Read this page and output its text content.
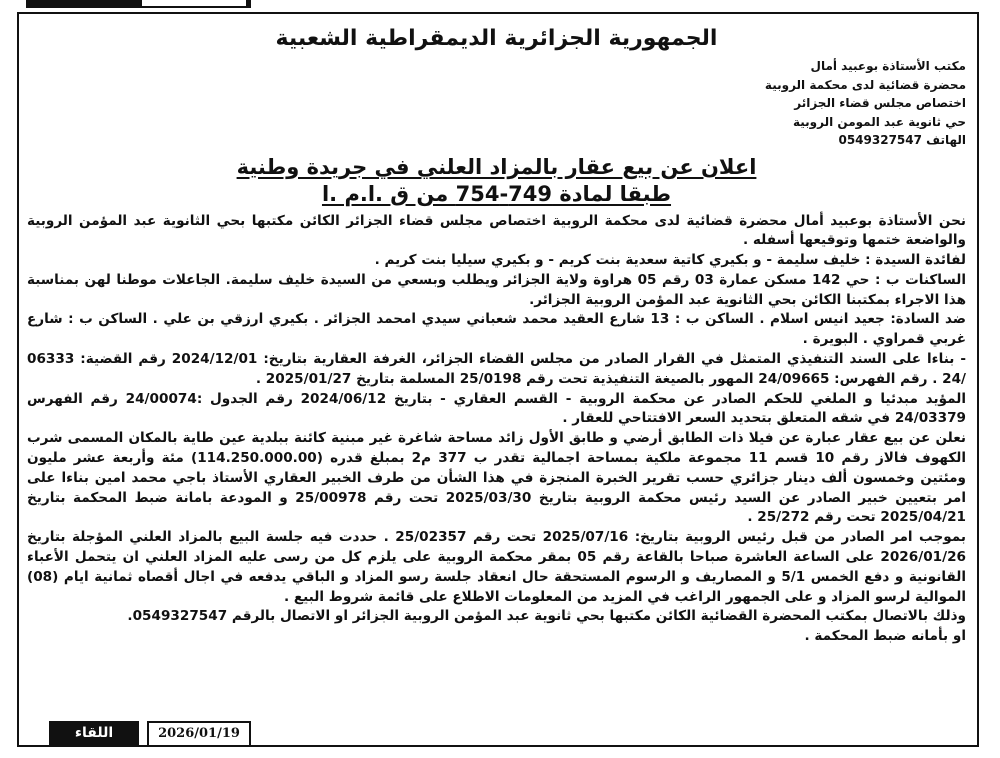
الجمهورية الجزائرية الديمقراطية الشعبية
مكتب الأستاذة بوعبيد أمال
محضرة قضائية لدى محكمة الروبية
اختصاص مجلس قضاء الجزائر
حي ثانوية عبد المومن الروبية
الهاتف 0549327547
اعلان عن بيع عقار بالمزاد العلني في جريدة وطنية
طبقا لمادة 749-754 من ق .ا.م .ا

نحن الأستاذة بوعبيد أمال محضرة قضائية لدى محكمة الروبية اختصاص مجلس قضاء الجزائر الكائن مكتبها بحي الثانوية عبد المؤمن الروبية والواضعة ختمها وتوقيعها أسفله .

لفائدة السيدة : خليف سليمة - و بكيري كاتية سعدية بنت كريم - و بكيري سيليا بنت كريم .

الساكنات ب : حي 142 مسكن عمارة 03 رقم 05 هراوة ولاية الجزائر ويطلب وبسعي من السيدة خليف سليمة. الجاعلات موطنا لهن بمناسبة هذا الاجراء بمكتبنا الكائن بحي الثانوية عبد المؤمن الروبية الجزائر.

ضد السادة: جعيد انيس اسلام . الساكن ب : 13 شارع العقيد محمد شعباني سيدي امحمد الجزائر . بكيري ارزقي بن علي . الساكن ب : شارع غربي قمراوي . البويرة .

- بناءا على السند التنفيذي المتمثل في القرار الصادر من مجلس القضاء الجزائر، الغرفة العقارية بتاريخ: 2024/12/01 رقم القضية: 06333 /24 . رقم الفهرس: 24/09665 المهور بالصيغة التنفيذية تحت رقم 25/0198 المسلمة بتاريخ 2025/01/27 .

المؤيد مبدئيا و الملغي للحكم الصادر عن محكمة الروبية - القسم العقاري - بتاريخ 2024/06/12 رقم الجدول :24/00074 رقم الفهرس 24/03379 في شقه المتعلق بتحديد السعر الافتتاحي للعقار .

نعلن عن بيع عقار عبارة عن فيلا ذات الطابق أرضي و طابق الأول زائد مساحة شاغرة غير مبنية كائنة ببلدية عين طاية بالمكان المسمى شرب الكهوف فالاز رقم 10 قسم 11 مجموعة ملكية بمساحة اجمالية تقدر ب 377 م2 بمبلغ قدره (114.250.000.00) مئة وأربعة عشر مليون ومئتين وخمسون ألف دينار جزائري حسب تقرير الخبرة المنجزة في هذا الشأن من طرف الخبير العقاري الأستاذ باجي محمد امين بناءا على امر بتعيين خبير الصادر عن السيد رئيس محكمة الروبية بتاريخ 2025/03/30 تحت رقم 25/00978 و المودعة بامانة ضبط المحكمة بتاريخ 2025/04/21 تحت رقم 25/272 .

بموجب امر الصادر من قبل رئيس الروبية بتاريخ: 2025/07/16 تحت رقم 25/02357 . حددت فيه جلسة البيع بالمزاد العلني المؤجلة بتاريخ 2026/01/26 على الساعة العاشرة صباحا بالقاعة رقم 05 بمقر محكمة الروبية على يلزم كل من رسى عليه المزاد العلني ان يتحمل الأعباء القانونية و دفع الخمس 5/1 و المصاريف و الرسوم المستحقة حال انعقاد جلسة رسو المزاد و الباقي يدفعه في اجال أقصاه ثمانية ايام (08) الموالية لرسو المزاد و على الجمهور الراغب في المزيد من المعلومات الاطلاع على قائمة شروط البيع .

وذلك بالاتصال بمكتب المحضرة القضائية الكائن مكتبها بحي ثانوية عبد المؤمن الروبية الجزائر او الاتصال بالرقم 0549327547.

او بأمانه ضبط المحكمة .

اللقاء	2026/01/19
